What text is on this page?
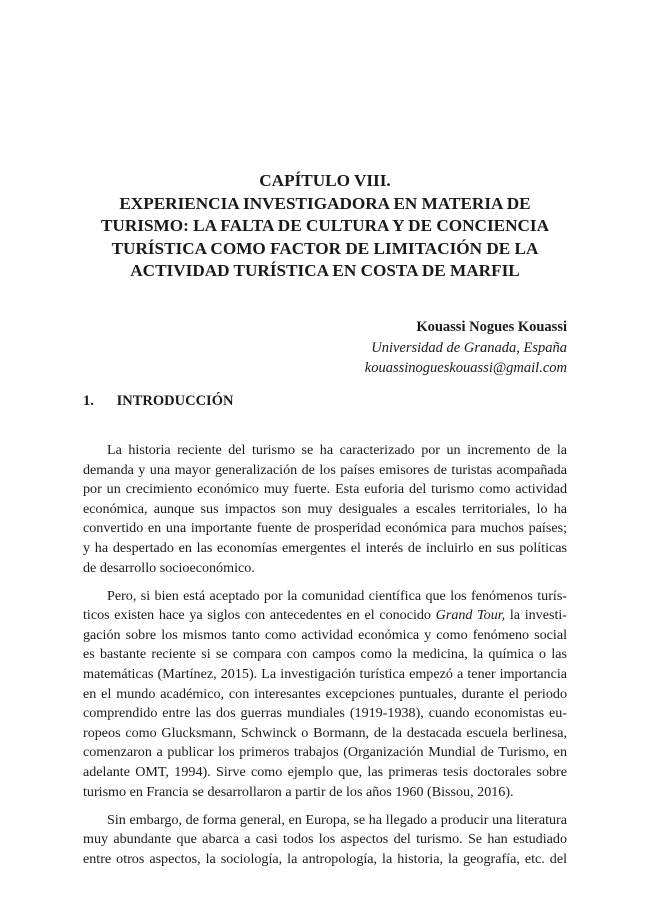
CAPÍTULO VIII.
EXPERIENCIA INVESTIGADORA EN MATERIA DE
TURISMO: LA FALTA DE CULTURA Y DE CONCIENCIA
TURÍSTICA COMO FACTOR DE LIMITACIÓN DE LA
ACTIVIDAD TURÍSTICA EN COSTA DE MARFIL
Kouassi Nogues Kouassi
Universidad de Granada, España
kouassinogueskouassi@gmail.com
1. INTRODUCCIÓN

La historia reciente del turismo se ha caracterizado por un incremento de la
demanda y una mayor generalización de los países emisores de turistas acompañada
por un crecimiento económico muy fuerte. Esta euforia del turismo como actividad
económica, aunque sus impactos son muy desiguales a escales territoriales, lo ha
convertido en una importante fuente de prosperidad económica para muchos países;
y ha despertado en las economías emergentes el interés de incluirlo en sus políticas
de desarrollo socioeconómico.

Pero, si bien está aceptado por la comunidad científica que los fenómenos turís-
ticos existen hace ya siglos con antecedentes en el conocido Grand Tour, la investi-
gación sobre los mismos tanto como actividad económica y como fenómeno social
es bastante reciente si se compara con campos como la medicina, la química o las
matemáticas (Martínez, 2015). La investigación turística empezó a tener importancia
en el mundo académico, con interesantes excepciones puntuales, durante el periodo
comprendido entre las dos guerras mundiales (1919-1938), cuando economistas eu-
ropeos como Glucksmann, Schwinck o Bormann, de la destacada escuela berlinesa,
comenzaron a publicar los primeros trabajos (Organización Mundial de Turismo, en
adelante OMT, 1994). Sirve como ejemplo que, las primeras tesis doctorales sobre
turismo en Francia se desarrollaron a partir de los años 1960 (Bissou, 2016).

Sin embargo, de forma general, en Europa, se ha llegado a producir una literatura
muy abundante que abarca a casi todos los aspectos del turismo. Se han estudiado
entre otros aspectos, la sociología, la antropología, la historia, la geografía, etc. del
